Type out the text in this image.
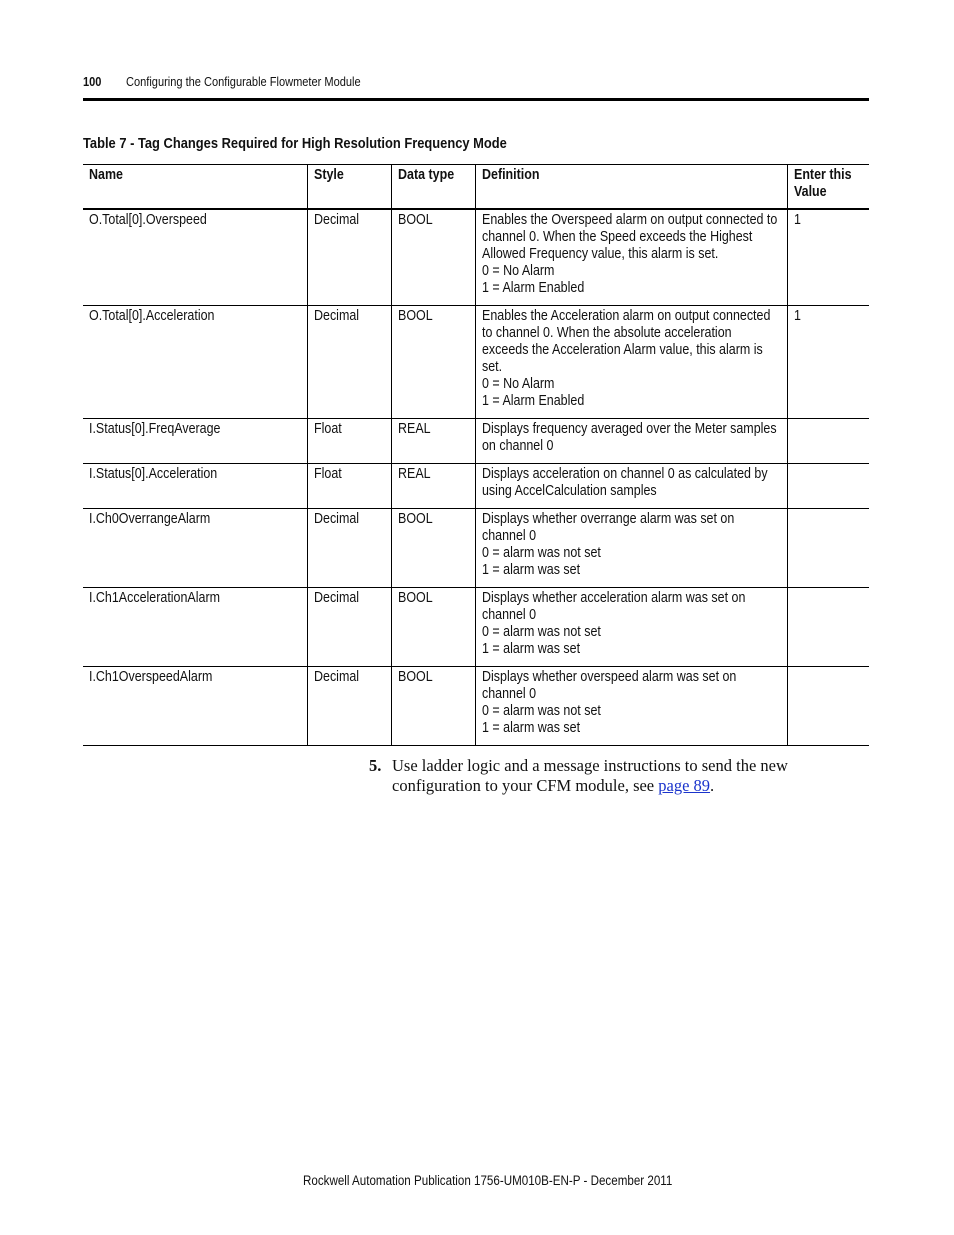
100 Configuring the Configurable Flowmeter Module
Table 7 - Tag Changes Required for High Resolution Frequency Mode
Name	Style	Data type	Definition	Enter this Value

O.Total[0].Overspeed	Decimal	BOOL	Enables the Overspeed alarm on output connected to channel 0. When the Speed exceeds the Highest Allowed Frequency value, this alarm is set.
0 = No Alarm
1 = Alarm Enabled	1

O.Total[0].Acceleration	Decimal	BOOL	Enables the Acceleration alarm on output connected to channel 0. When the absolute acceleration exceeds the Acceleration Alarm value, this alarm is set.
0 = No Alarm
1 = Alarm Enabled	1

I.Status[0].FreqAverage	Float	REAL	Displays frequency averaged over the Meter samples on channel 0	

I.Status[0].Acceleration	Float	REAL	Displays acceleration on channel 0 as calculated by using AccelCalculation samples	

I.Ch0OverrangeAlarm	Decimal	BOOL	Displays whether overrange alarm was set on channel 0
0 = alarm was not set
1 = alarm was set	

I.Ch1AccelerationAlarm	Decimal	BOOL	Displays whether acceleration alarm was set on channel 0
0 = alarm was not set
1 = alarm was set	

I.Ch1OverspeedAlarm	Decimal	BOOL	Displays whether overspeed alarm was set on channel 0
0 = alarm was not set
1 = alarm was set	

5. Use ladder logic and a message instructions to send the new configuration to your CFM module, see page 89.
Rockwell Automation Publication 1756-UM010B-EN-P - December 2011
